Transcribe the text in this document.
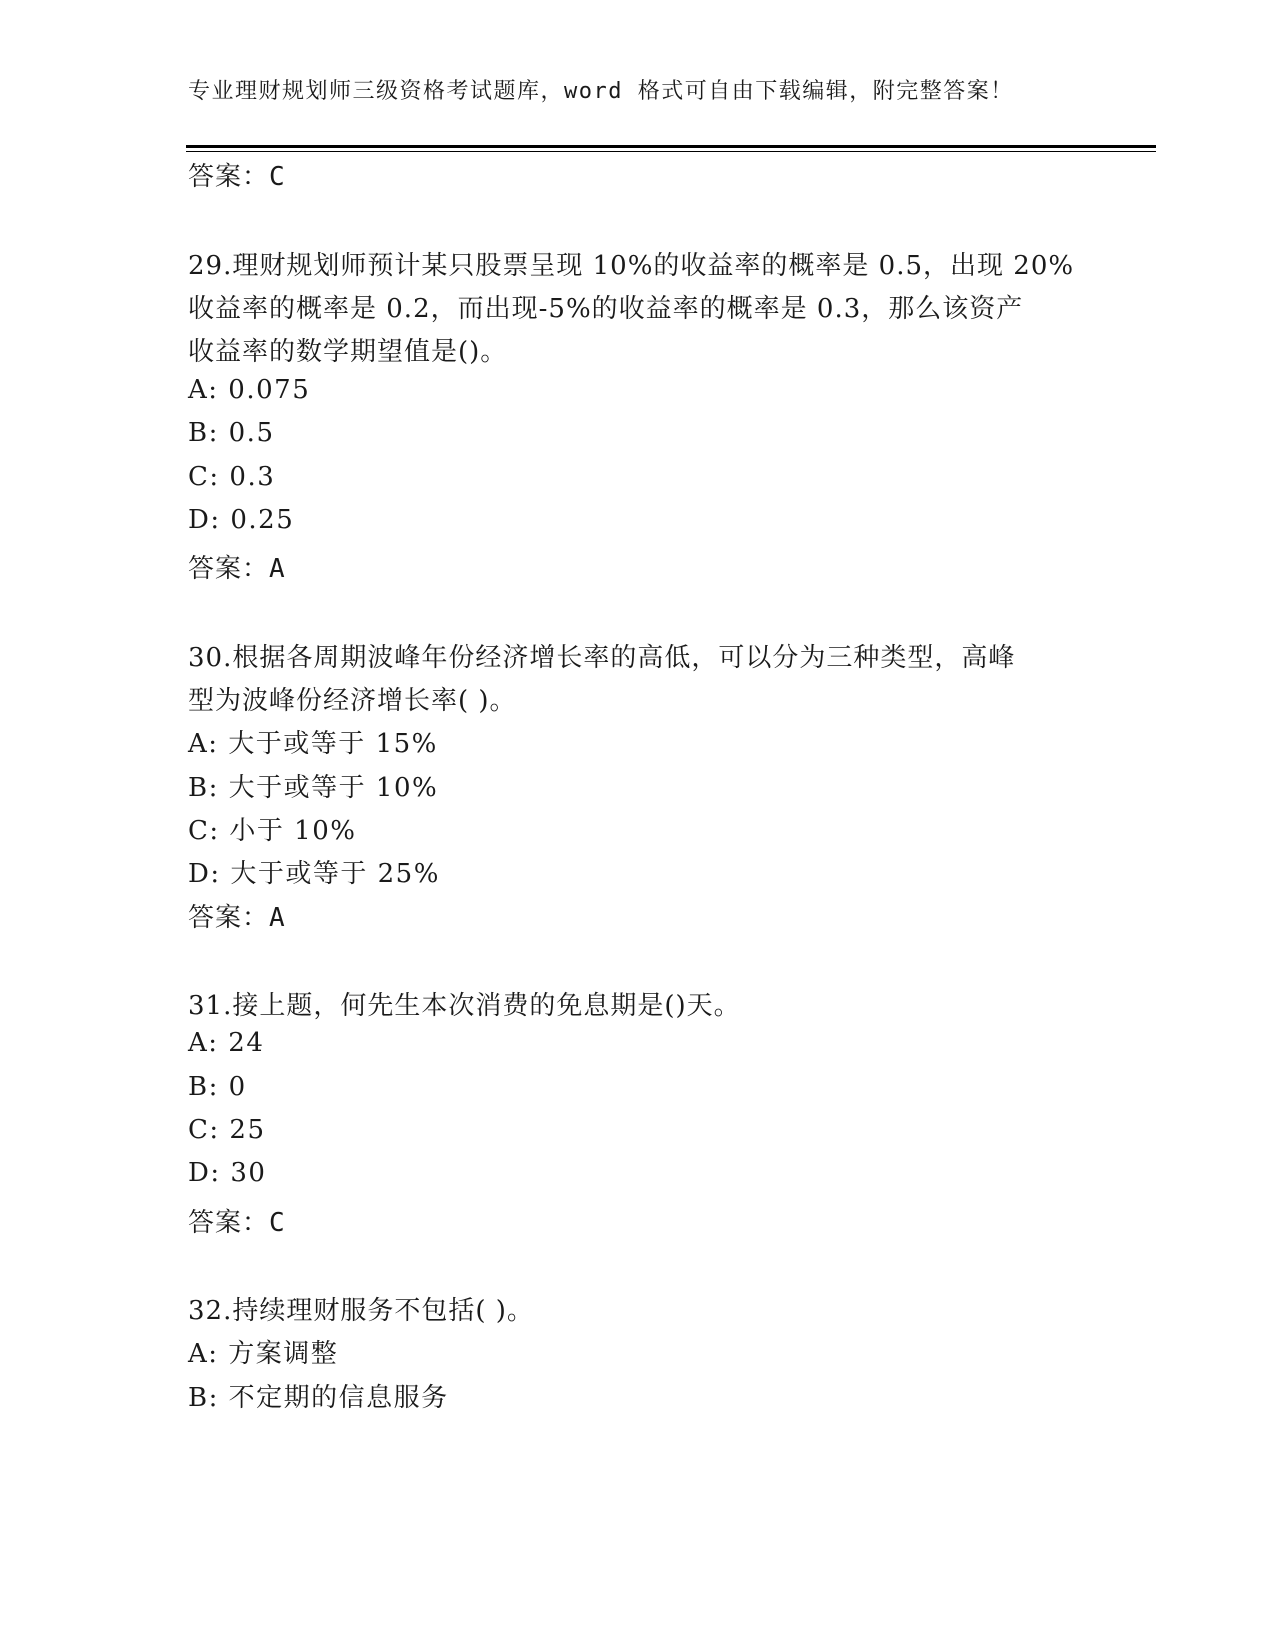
专业理财规划师三级资格考试题库，word 格式可自由下载编辑，附完整答案！
答案：C
29.理财规划师预计某只股票呈现 10%的收益率的概率是 0.5，出现 20%
收益率的概率是 0.2，而出现-5%的收益率的概率是 0.3，那么该资产
收益率的数学期望值是()。
A: 0.075
B: 0.5
C: 0.3
D: 0.25
答案：A
30.根据各周期波峰年份经济增长率的高低，可以分为三种类型，高峰
型为波峰份经济增长率( )。
A: 大于或等于 15%
B: 大于或等于 10%
C: 小于 10%
D: 大于或等于 25%
答案：A
31.接上题，何先生本次消费的免息期是()天。
A: 24
B: 0
C: 25
D: 30
答案：C
32.持续理财服务不包括( )。
A: 方案调整
B: 不定期的信息服务
